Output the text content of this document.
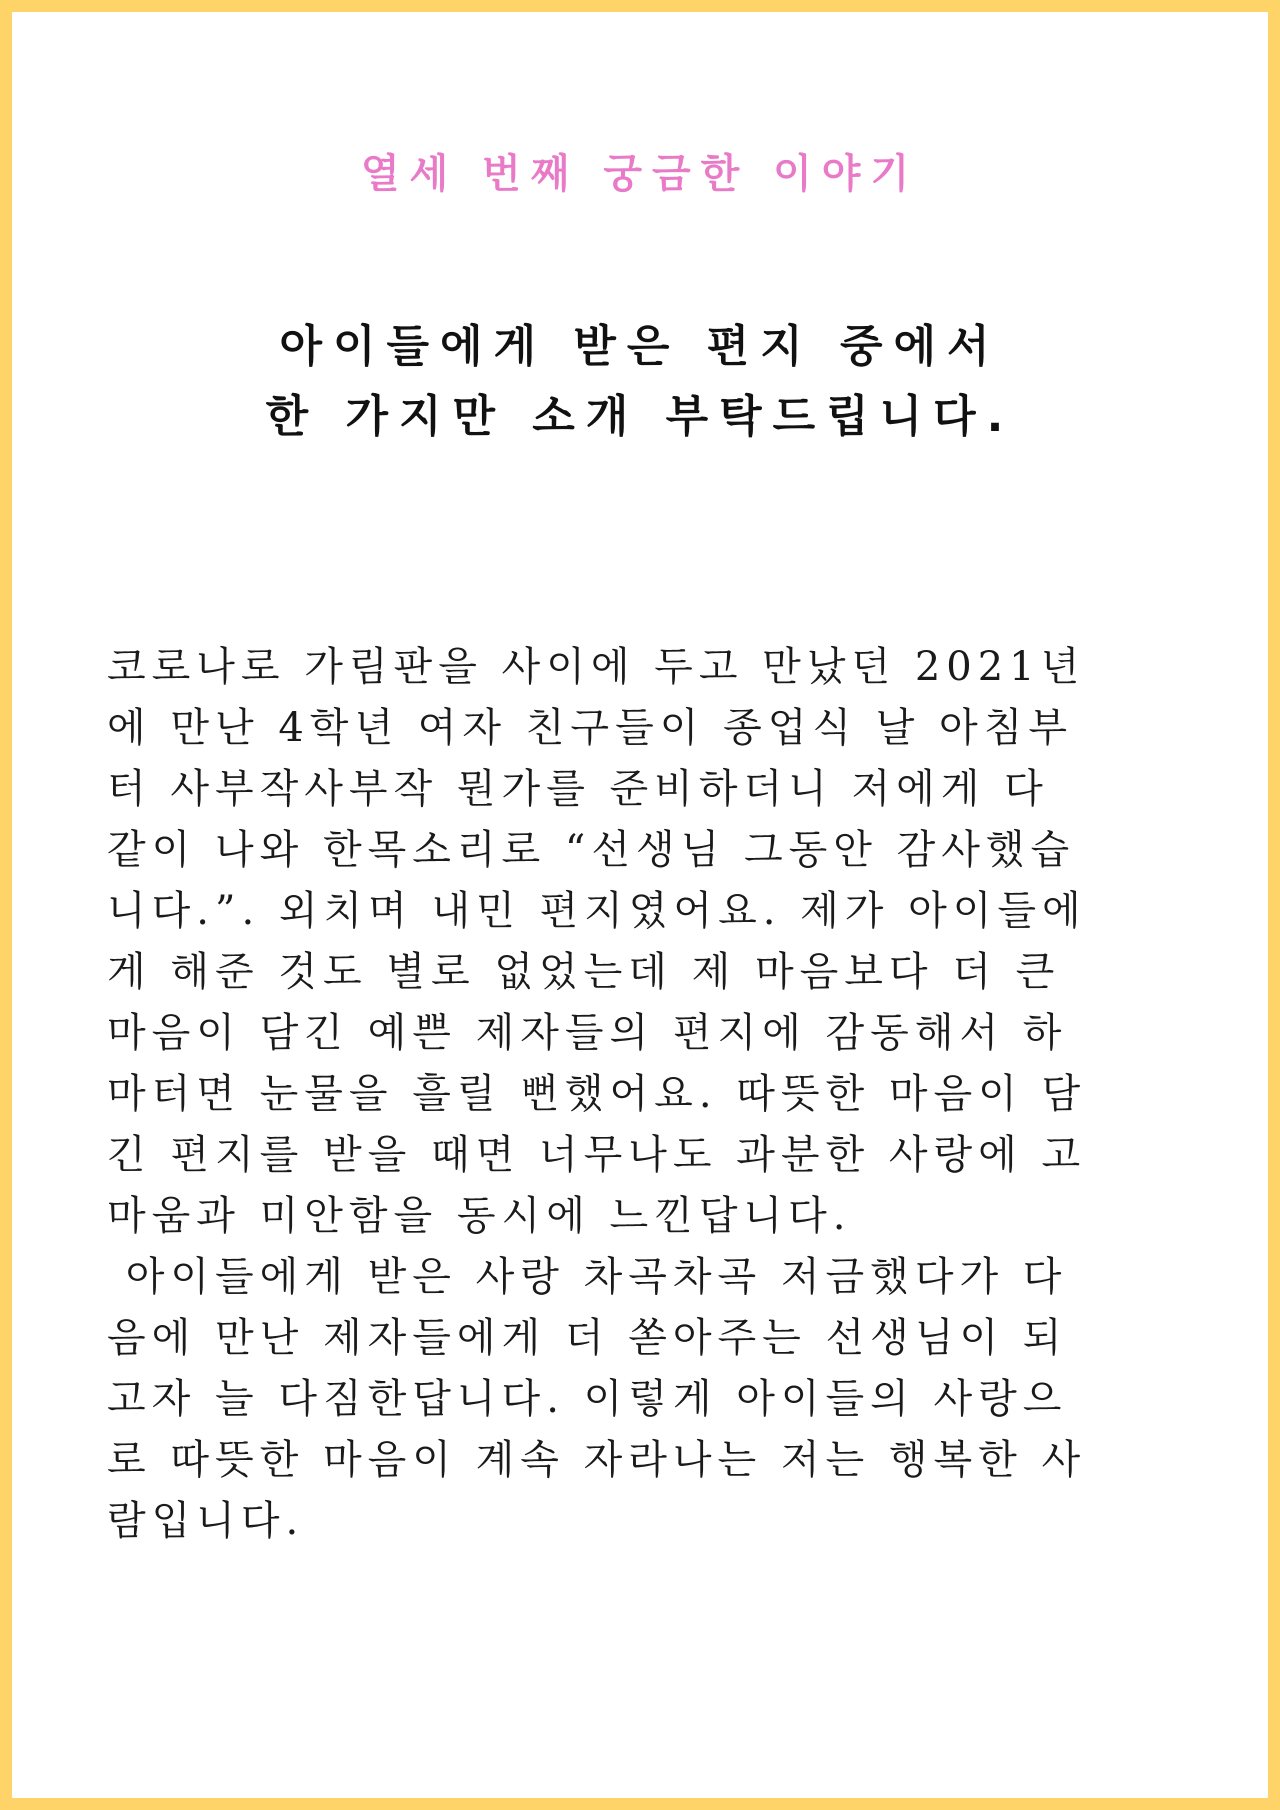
열세 번째 궁금한 이야기
아이들에게 받은 편지 중에서
한 가지만 소개 부탁드립니다.
코로나로 가림판을 사이에 두고 만났던 2021년
에 만난 4학년 여자 친구들이 종업식 날 아침부
터 사부작사부작 뭔가를 준비하더니 저에게 다
같이 나와 한목소리로 “선생님 그동안 감사했습
니다.”. 외치며 내민 편지였어요. 제가 아이들에
게 해준 것도 별로 없었는데 제 마음보다 더 큰
마음이 담긴 예쁜 제자들의 편지에 감동해서 하
마터면 눈물을 흘릴 뻔했어요. 따뜻한 마음이 담
긴 편지를 받을 때면 너무나도 과분한 사랑에 고
마움과 미안함을 동시에 느낀답니다.
아이들에게 받은 사랑 차곡차곡 저금했다가 다
음에 만난 제자들에게 더 쏟아주는 선생님이 되
고자 늘 다짐한답니다. 이렇게 아이들의 사랑으
로 따뜻한 마음이 계속 자라나는 저는 행복한 사
람입니다.
